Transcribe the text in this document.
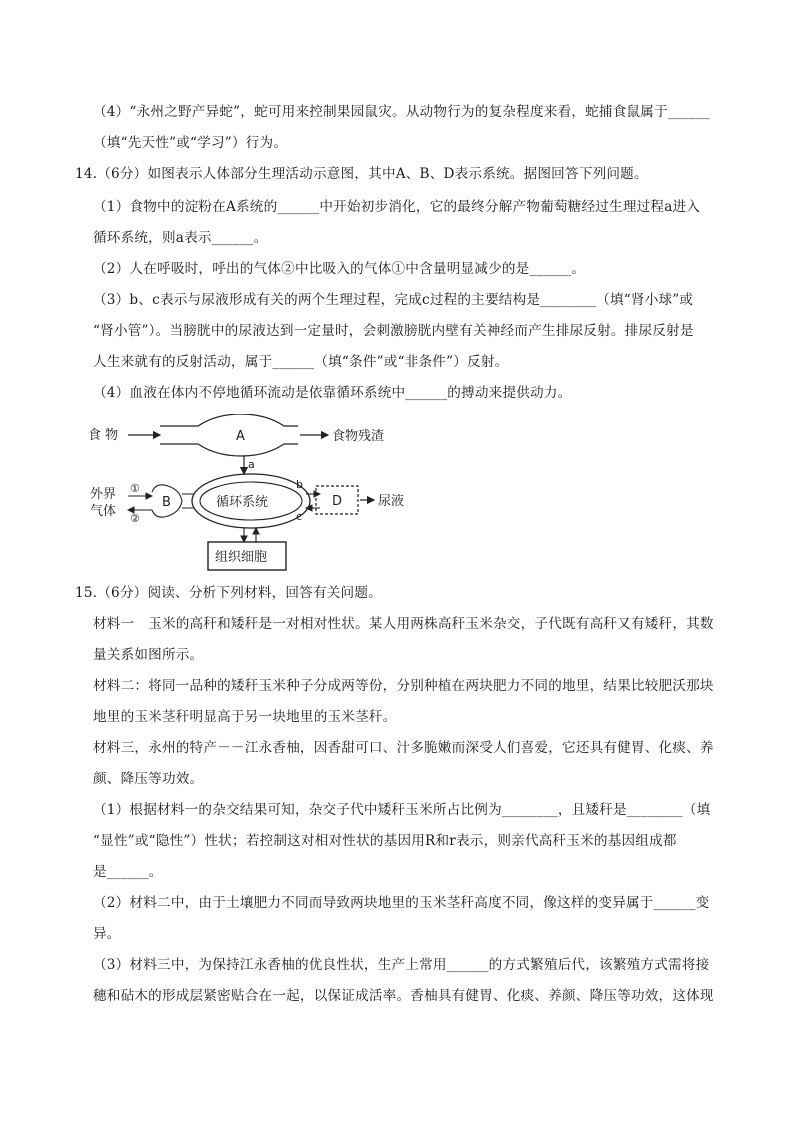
（4）“永州之野产异蛇”，蛇可用来控制果园鼠灾。从动物行为的复杂程度来看，蛇捕食鼠属于______
（填“先天性”或“学习”）行为。
14.（6分）如图表示人体部分生理活动示意图，其中A、B、D表示系统。据图回答下列问题。
（1）食物中的淀粉在A系统的______中开始初步消化，它的最终分解产物葡萄糖经过生理过程a进入
循环系统，则a表示______。
（2）人在呼吸时，呼出的气体②中比吸入的气体①中含量明显减少的是______。
（3）b、c表示与尿液形成有关的两个生理过程，完成c过程的主要结构是________（填“肾小球”或
“肾小管”）。当膀胱中的尿液达到一定量时，会刺激膀胱内壁有关神经而产生排尿反射。排尿反射是
人生来就有的反射活动，属于______（填“条件”或“非条件”）反射。
（4）血液在体内不停地循环流动是依靠循环系统中______的搏动来提供动力。
食 物	A	食物残渣
a
循环系统
外界
气体
①
②
B
b
c
D	尿液
组织细胞
15.（6分）阅读、分析下列材料，回答有关问题。
材料一　玉米的高秆和矮秆是一对相对性状。某人用两株高秆玉米杂交，子代既有高秆又有矮秆，其数
量关系如图所示。
材料二：将同一品种的矮秆玉米种子分成两等份，分别种植在两块肥力不同的地里，结果比较肥沃那块
地里的玉米茎秆明显高于另一块地里的玉米茎秆。
材料三，永州的特产－－江永香柚，因香甜可口、汁多脆嫩而深受人们喜爱，它还具有健胃、化痰、养
颜、降压等功效。
（1）根据材料一的杂交结果可知，杂交子代中矮秆玉米所占比例为________，且矮秆是________（填
“显性”或“隐性”）性状；若控制这对相对性状的基因用R和r表示，则亲代高秆玉米的基因组成都
是______。
（2）材料二中，由于土壤肥力不同而导致两块地里的玉米茎秆高度不同，像这样的变异属于______变
异。
（3）材料三中，为保持江永香柚的优良性状，生产上常用______的方式繁殖后代，该繁殖方式需将接
穗和砧木的形成层紧密贴合在一起，以保证成活率。香柚具有健胃、化痰、养颜、降压等功效，这体现
